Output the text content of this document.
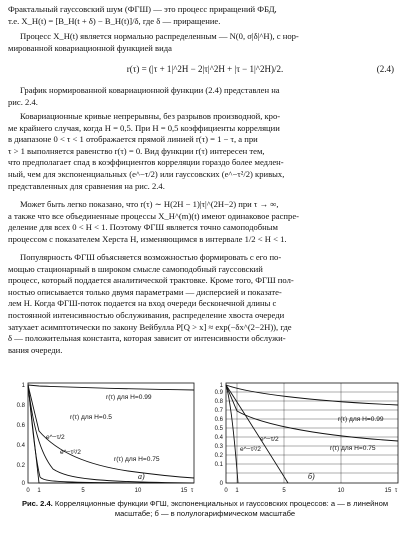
Фрактальный гауссовский шум (ФГШ) — это процесс приращений ФБД,
т.е. X_H(t) = [B_H(t + δ) − B_H(t)]/δ, где δ — приращение.

Процесс X_H(t) является нормально распределенным — N(0, σ|δ|^H), с нор-
мированной ковариационной функцией вида

r(τ) = (|τ + 1|^2H − 2|τ|^2H + |τ − 1|^2H)/2.	(2.4)

График нормированной ковариационной функции (2.4) представлен на
рис. 2.4.

Ковариационные кривые непрерывны, без разрывов производной, кро-
ме крайнего случая, когда H = 0,5. При H = 0,5 коэффициенты корреляции
в диапазоне 0 < τ < 1 отображается прямой линией r(τ) = 1 − τ, а при
τ > 1 выполняется равенство r(τ) = 0. Вид функции r(τ) интересен тем,
что предполагает спад в коэффициентов корреляции гораздо более медлен-
ный, чем для экспоненциальных (e^−τ/2) или гауссовских (e^−τ²/2) кривых,
представленных для сравнения на рис. 2.4.

Может быть легко показано, что r(τ) ∼ H(2H − 1)|τ|^(2H−2) при τ → ∞,
а также что все объединенные процессы X_H^(m)(t) имеют одинаковое распре-
деление для всех 0 < H < 1. Поэтому ФГШ является точно самоподобным
процессом с показателем Херста H, изменяющимся в интервале 1/2 < H < 1.

Популярность ФГШ объясняется возможностью формировать с его по-
мощью стационарный в широком смысле самоподобный гауссовский
процесс, который поддается аналитической трактовке. Кроме того, ФГШ пол-
ностью описывается только двумя параметрами — дисперсией и показате-
лем H. Когда ФГШ-поток подается на вход очереди бесконечной длины с
постоянной интенсивностью обслуживания, распределение хвоста очереди
затухает асимптотически по закону Вейбулла P[Q > x] ≈ exp(−δx^(2−2H)), где
δ — положительная константа, которая зависит от интенсивности обслужи-
вания очереди.

1
0.8
0.6
0.4
0.2
0
0 1	5	10	15 τ
r(τ) для H=0.99
r(τ) для H=0.5
r(τ) для H=0.75
e^−τ/2
e^−τ²/2
а)
1
0.9
0.8
0.7
0.6
0.5
0.4
0.3
0.2
0.1
0
0 1	5	10	15 τ
r(τ) для H=0.99
r(τ) для H=0.75
e^−τ/2
e^−τ²/2
б)
Рис. 2.4. Корреляционные функции ФГШ, экспоненциальных и гауссовских процессов: а — в линейном масштабе; б — в полулогарифмическом масштабе
